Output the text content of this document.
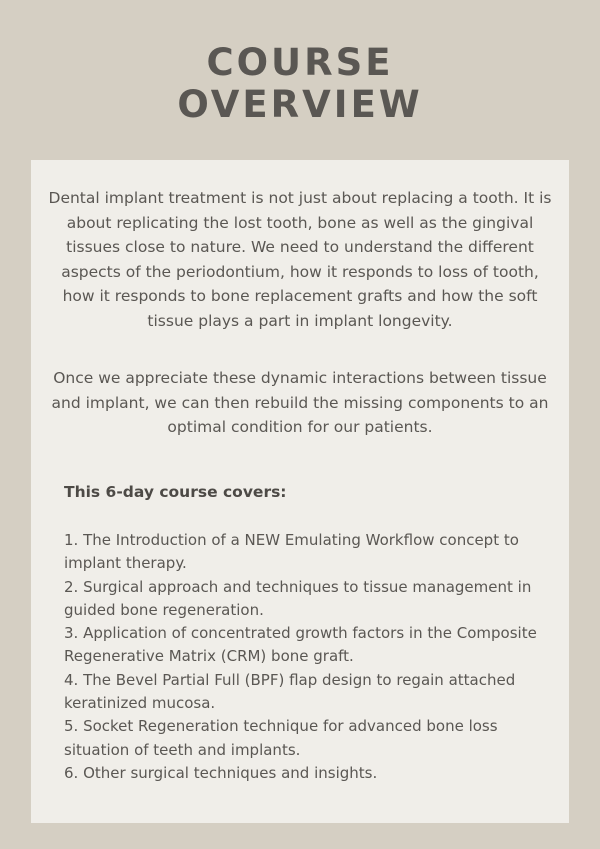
COURSE
OVERVIEW

Dental implant treatment is not just about replacing a tooth. It is about replicating the lost tooth, bone as well as the gingival tissues close to nature. We need to understand the different aspects of the periodontium, how it responds to loss of tooth, how it responds to bone replacement grafts and how the soft tissue plays a part in implant longevity.

Once we appreciate these dynamic interactions between tissue and implant, we can then rebuild the missing components to an optimal condition for our patients.

This 6-day course covers:

1. The Introduction of a NEW Emulating Workflow concept to implant therapy.
2. Surgical approach and techniques to tissue management in guided bone regeneration.
3. Application of concentrated growth factors in the Composite Regenerative Matrix (CRM) bone graft.
4. The Bevel Partial Full (BPF) flap design to regain attached keratinized mucosa.
5. Socket Regeneration technique for advanced bone loss situation of teeth and implants.
6. Other surgical techniques and insights.
